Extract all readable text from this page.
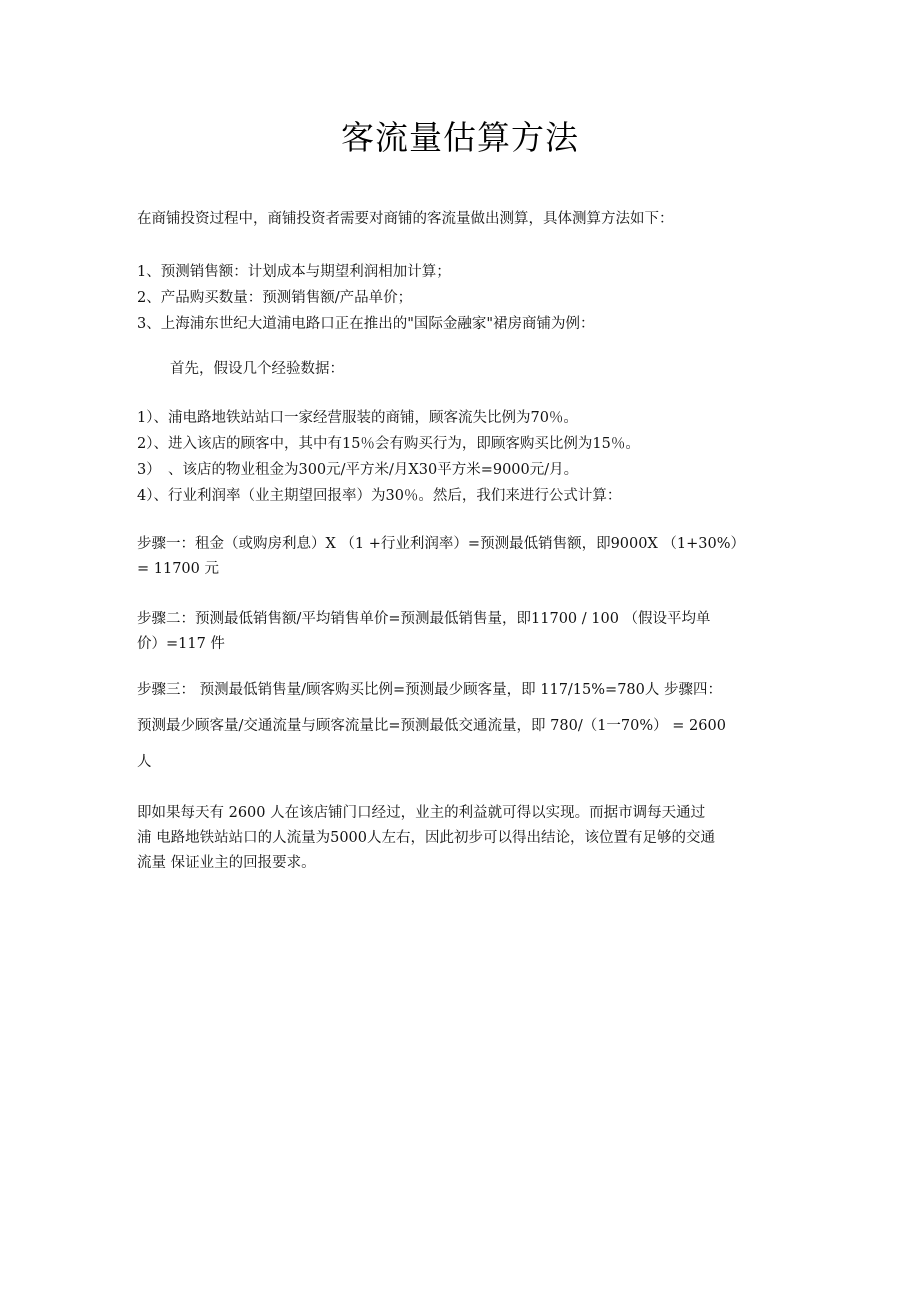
客流量估算方法
在商铺投资过程中，商铺投资者需要对商铺的客流量做出测算，具体测算方法如下：
1、预测销售额：计划成本与期望利润相加计算；
2、产品购买数量：预测销售额/产品单价；
3、上海浦东世纪大道浦电路口正在推出的"国际金融家"裙房商铺为例：
首先，假设几个经验数据：
1）、浦电路地铁站站口一家经营服装的商铺，顾客流失比例为70％。
2）、进入该店的顾客中，其中有15％会有购买行为，即顾客购买比例为15％。
3）　、该店的物业租金为300元/平方米/月X30平方米=9000元/月。
4）、行业利润率（业主期望回报率）为30％。然后，我们来进行公式计算：
步骤一：租金（或购房利息）X （1 +行业利润率）=预测最低销售额，即9000X （1+30%）
= 11700 元
步骤二：预测最低销售额/平均销售单价=预测最低销售量，即11700 / 100 （假设平均单
价）=117 件
步骤三： 预测最低销售量/顾客购买比例=预测最少顾客量，即 117/15%=780人 步骤四：
预测最少顾客量/交通流量与顾客流量比=预测最低交通流量，即 780/（1一70%） = 2600
人
即如果每天有 2600 人在该店铺门口经过，业主的利益就可得以实现。而据市调每天通过
浦 电路地铁站站口的人流量为5000人左右，因此初步可以得出结论，该位置有足够的交通
流量 保证业主的回报要求。
